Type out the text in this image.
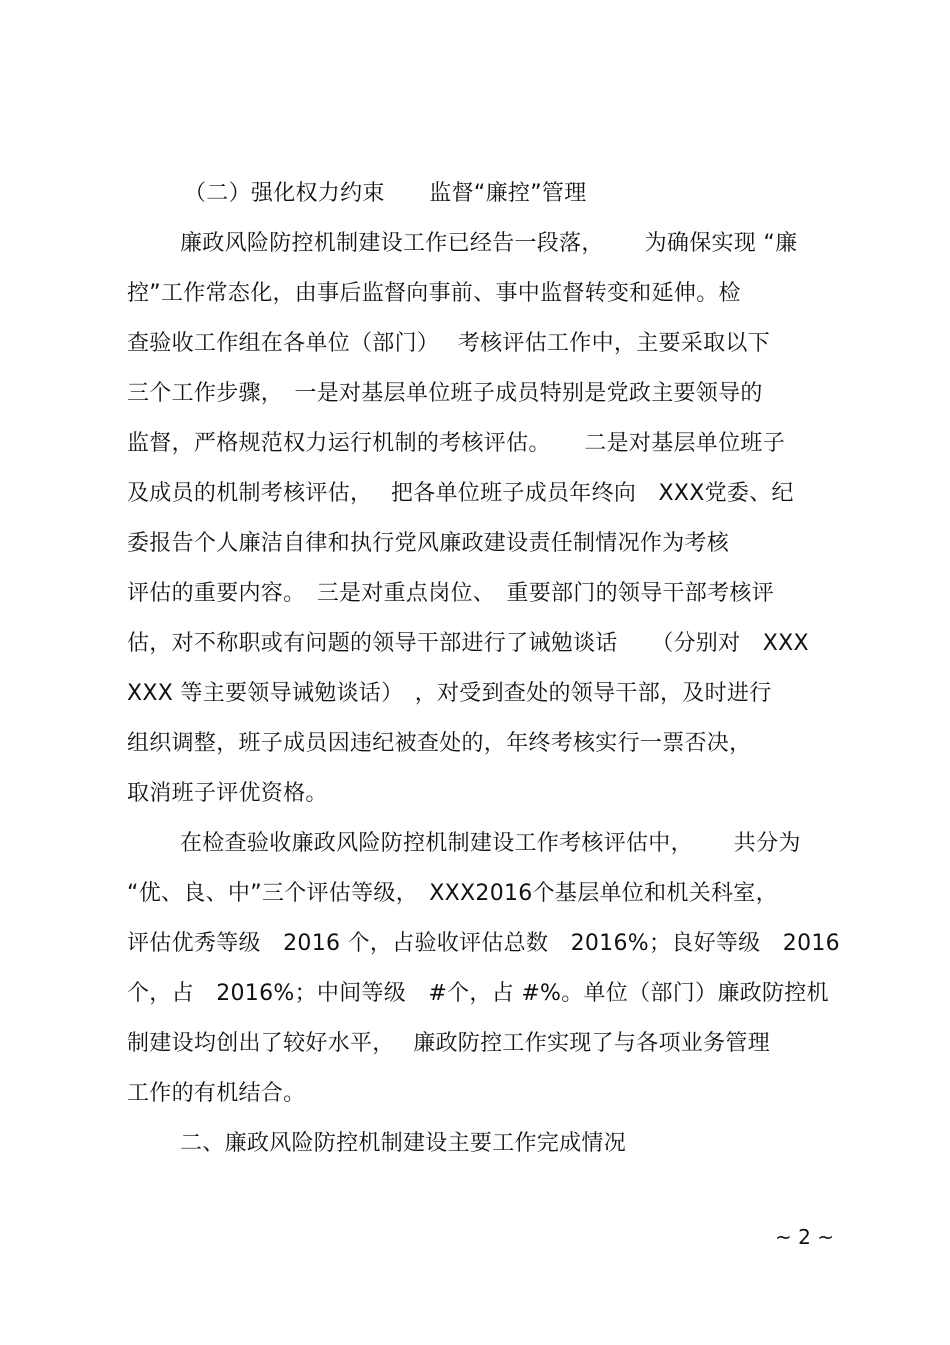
（二）强化权力约束　　监督“廉控”管理
廉政风险防控机制建设工作已经告一段落，　　 为确保实现 “廉
控”工作常态化，由事后监督向事前、事中监督转变和延伸。检
查验收工作组在各单位（部门）　 考核评估工作中，主要采取以下
三个工作步骤，　一是对基层单位班子成员特别是党政主要领导的
监督，严格规范权力运行机制的考核评估。　　二是对基层单位班子
及成员的机制考核评估，　 把各单位班子成员年终向　XXX党委、纪
委报告个人廉洁自律和执行党风廉政建设责任制情况作为考核
评估的重要内容。　三是对重点岗位、　重要部门的领导干部考核评
估，对不称职或有问题的领导干部进行了诫勉谈话　　（分别对　XXX
XXX 等主要领导诫勉谈话）　，对受到查处的领导干部，及时进行
组织调整，班子成员因违纪被查处的，年终考核实行一票否决，
取消班子评优资格。
在检查验收廉政风险防控机制建设工作考核评估中，　　 共分为
“优、良、中”三个评估等级，　XXX2016个基层单位和机关科室，
评估优秀等级　2016 个，占验收评估总数　2016%；良好等级　2016
个，占　2016%；中间等级　#个，占 #%。单位（部门）廉政防控机
制建设均创出了较好水平，　 廉政防控工作实现了与各项业务管理
工作的有机结合。
二、廉政风险防控机制建设主要工作完成情况
~ 2 ~
